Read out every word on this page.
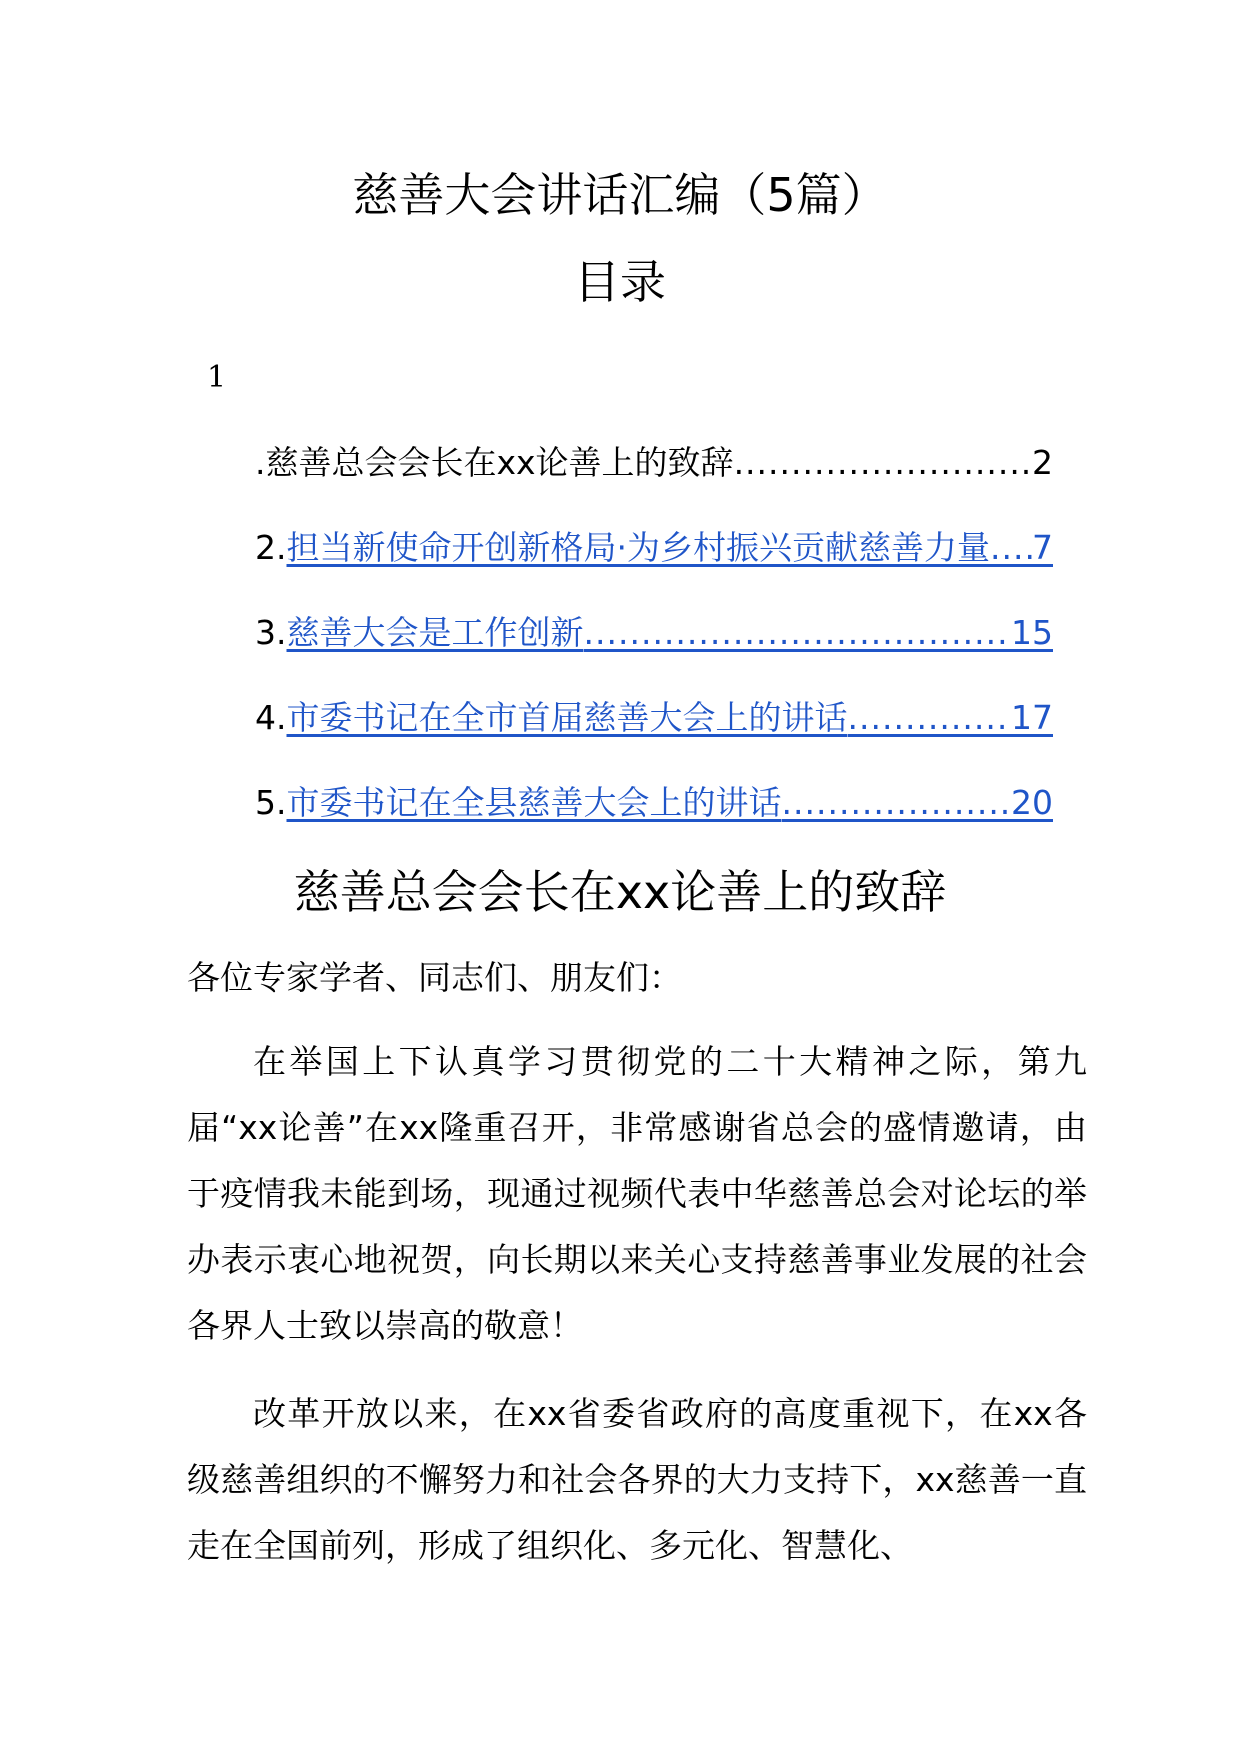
慈善大会讲话汇编（5篇）
目录
1
.慈善总会会长在xx论善上的致辞 .....	2
2. 担当新使命开创新格局·为乡村振兴贡献慈善力量 ..... 7
3. 慈善大会是工作创新 .....	15
4. 市委书记在全市首届慈善大会上的讲话 .....	17
5. 市委书记在全县慈善大会上的讲话 .....	20
慈善总会会长在xx论善上的致辞

各位专家学者、同志们、朋友们：

在举国上下认真学习贯彻党的二十大精神之际，第九届“xx论善”在xx隆重召开，非常感谢省总会的盛情邀请，由于疫情我未能到场，现通过视频代表中华慈善总会对论坛的举办表示衷心地祝贺，向长期以来关心支持慈善事业发展的社会各界人士致以崇高的敬意！

改革开放以来，在xx省委省政府的高度重视下，在xx各级慈善组织的不懈努力和社会各界的大力支持下，xx慈善一直走在全国前列，形成了组织化、多元化、智慧化、
